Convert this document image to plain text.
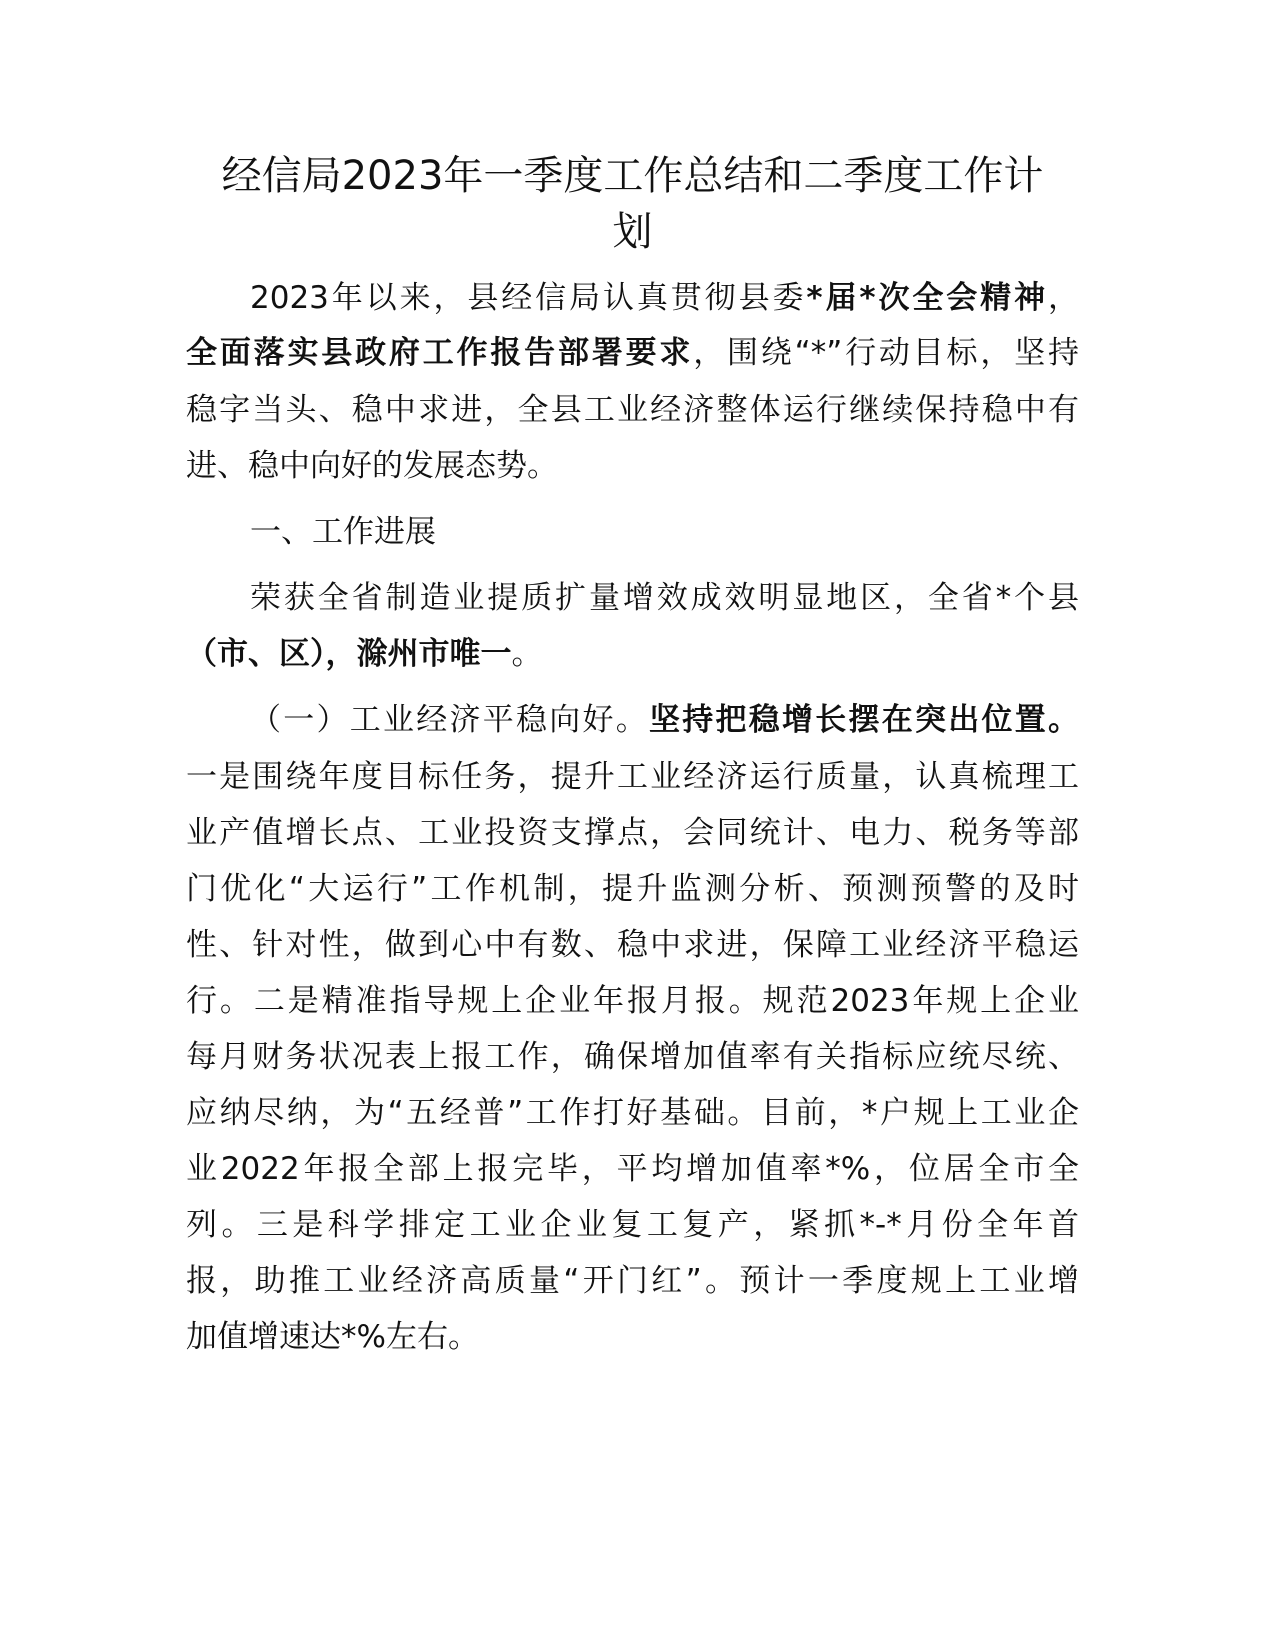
经信局2023年一季度工作总结和二季度工作计
划
2023年以来，县经信局认真贯彻县委*届*次全会精神，
全面落实县政府工作报告部署要求，围绕“*”行动目标，坚持
稳字当头、稳中求进，全县工业经济整体运行继续保持稳中有
进、稳中向好的发展态势。
一、工作进展
荣获全省制造业提质扩量增效成效明显地区，全省*个县
（市、区），滁州市唯一。
（一）工业经济平稳向好。坚持把稳增长摆在突出位置。
一是围绕年度目标任务，提升工业经济运行质量，认真梳理工
业产值增长点、工业投资支撑点，会同统计、电力、税务等部
门优化“大运行”工作机制，提升监测分析、预测预警的及时
性、针对性，做到心中有数、稳中求进，保障工业经济平稳运
行。二是精准指导规上企业年报月报。规范2023年规上企业
每月财务状况表上报工作，确保增加值率有关指标应统尽统、
应纳尽纳，为“五经普”工作打好基础。目前，*户规上工业企
业2022年报全部上报完毕，平均增加值率*%，位居全市全
列。三是科学排定工业企业复工复产，紧抓*-*月份全年首
报，助推工业经济高质量“开门红”。预计一季度规上工业增
加值增速达*%左右。
